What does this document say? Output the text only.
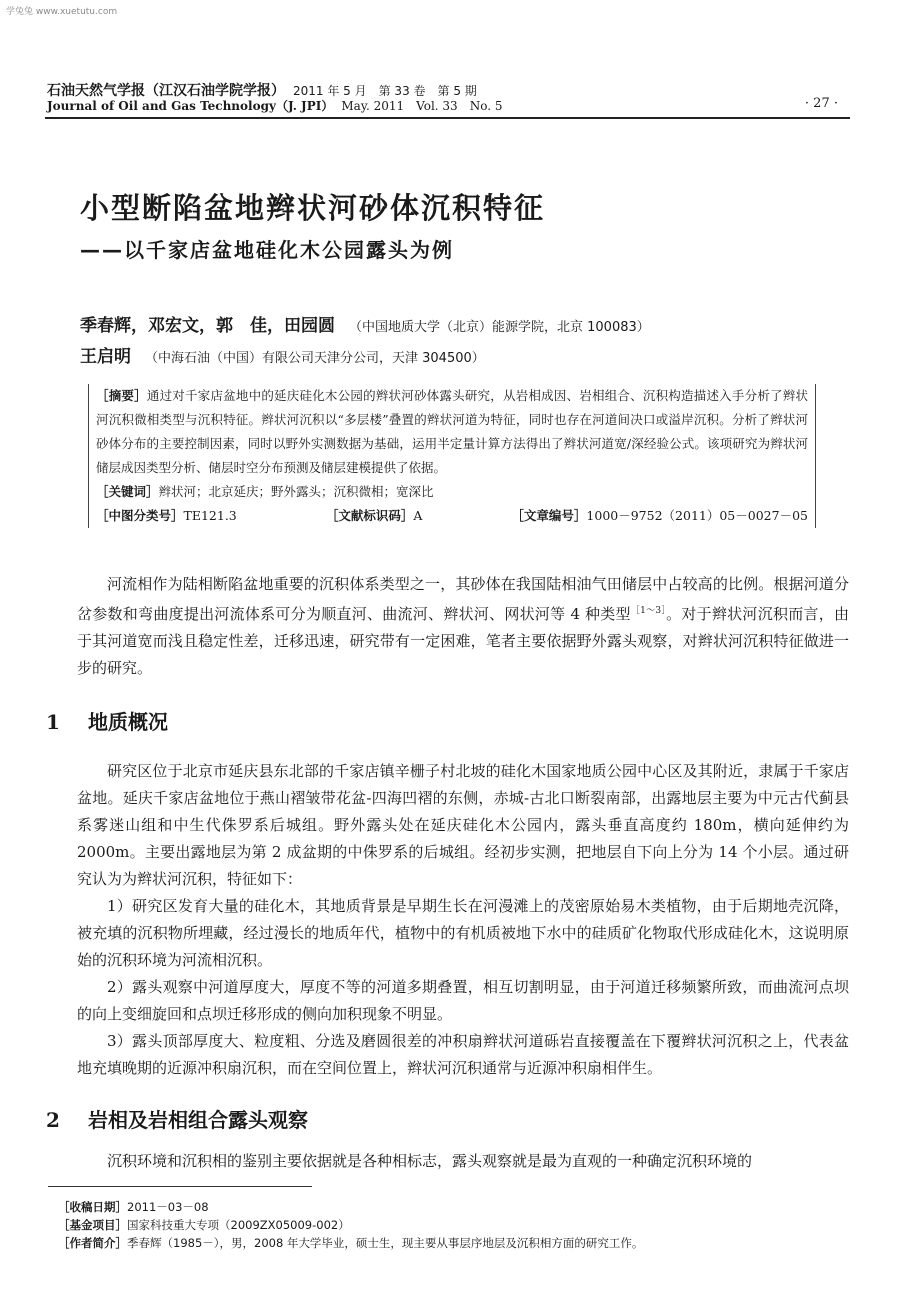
学兔兔 www.xuetutu.com
石油天然气学报（江汉石油学院学报） 2011 年 5 月　第 33 卷　第 5 期
Journal of Oil and Gas Technology（J. JPI） May. 2011　Vol. 33　No. 5	· 27 ·
小型断陷盆地辫状河砂体沉积特征
——以千家店盆地硅化木公园露头为例
季春辉，邓宏文，郭　佳，田园圆 （中国地质大学（北京）能源学院，北京 100083）
王启明 （中海石油（中国）有限公司天津分公司，天津 304500）
［摘要］通过对千家店盆地中的延庆硅化木公园的辫状河砂体露头研究，从岩相成因、岩相组合、沉积构造描述入手分析了辫状河沉积微相类型与沉积特征。辫状河沉积以“多层楼”叠置的辫状河道为特征，同时也存在河道间决口或溢岸沉积。分析了辫状河砂体分布的主要控制因素，同时以野外实测数据为基础，运用半定量计算方法得出了辫状河道宽/深经验公式。该项研究为辫状河储层成因类型分析、储层时空分布预测及储层建模提供了依据。
［关键词］辫状河；北京延庆；野外露头；沉积微相；宽深比
［中图分类号］TE121.3	［文献标识码］A	［文章编号］1000－9752（2011）05－0027－05
河流相作为陆相断陷盆地重要的沉积体系类型之一，其砂体在我国陆相油气田储层中占较高的比例。根据河道分岔参数和弯曲度提出河流体系可分为顺直河、曲流河、辫状河、网状河等 4 种类型$^{[1\sim 3]}$。对于辫状河沉积而言，由于其河道宽而浅且稳定性差，迁移迅速，研究带有一定困难，笔者主要依据野外露头观察，对辫状河沉积特征做进一步的研究。
1 地质概况
研究区位于北京市延庆县东北部的千家店镇辛栅子村北坡的硅化木国家地质公园中心区及其附近，隶属于千家店盆地。延庆千家店盆地位于燕山褶皱带花盆-四海凹褶的东侧，赤城-古北口断裂南部，出露地层主要为中元古代蓟县系雾迷山组和中生代侏罗系后城组。野外露头处在延庆硅化木公园内，露头垂直高度约 180m，横向延伸约为 2000m。主要出露地层为第 2 成盆期的中侏罗系的后城组。经初步实测，把地层自下向上分为 14 个小层。通过研究认为为辫状河沉积，特征如下：
1）研究区发育大量的硅化木，其地质背景是早期生长在河漫滩上的茂密原始易木类植物，由于后期地壳沉降，被充填的沉积物所埋藏，经过漫长的地质年代，植物中的有机质被地下水中的硅质矿化物取代形成硅化木，这说明原始的沉积环境为河流相沉积。
2）露头观察中河道厚度大，厚度不等的河道多期叠置，相互切割明显，由于河道迁移频繁所致，而曲流河点坝的向上变细旋回和点坝迁移形成的侧向加积现象不明显。
3）露头顶部厚度大、粒度粗、分选及磨圆很差的冲积扇辫状河道砾岩直接覆盖在下覆辫状河沉积之上，代表盆地充填晚期的近源冲积扇沉积，而在空间位置上，辫状河沉积通常与近源冲积扇相伴生。
2 岩相及岩相组合露头观察
沉积环境和沉积相的鉴别主要依据就是各种相标志，露头观察就是最为直观的一种确定沉积环境的
［收稿日期］2011－03－08
［基金项目］国家科技重大专项（2009ZX05009-002）
［作者简介］季春辉（1985－），男，2008 年大学毕业，硕士生，现主要从事层序地层及沉积相方面的研究工作。
